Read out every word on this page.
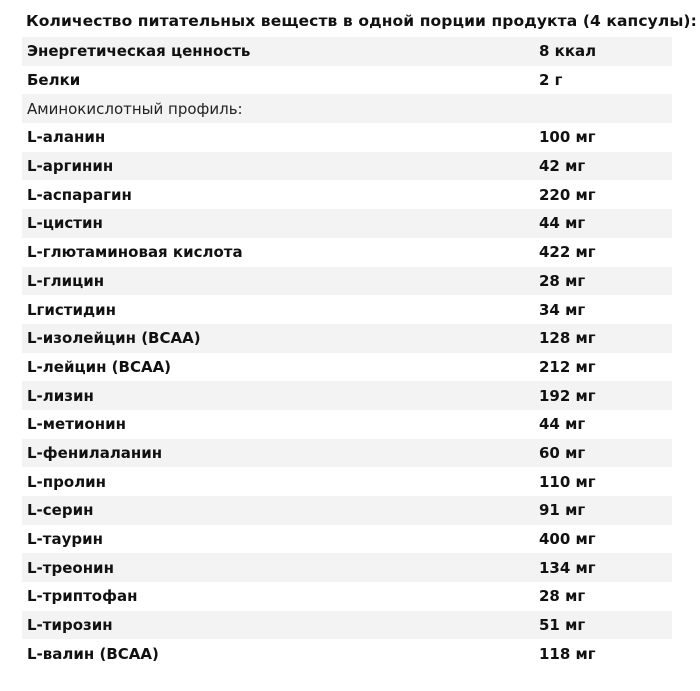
Количество питательных веществ в одной порции продукта (4 капсулы):
Энергетическая ценность	8 ккал
Белки	2 г
Аминокислотный профиль:
L-аланин	100 мг
L-аргинин	42 мг
L-аспарагин	220 мг
L-цистин	44 мг
L-глютаминовая кислота	422 мг
L-глицин	28 мг
Lгистидин	34 мг
L-изолейцин (BCAA)	128 мг
L-лейцин (BCAA)	212 мг
L-лизин	192 мг
L-метионин	44 мг
L-фенилаланин	60 мг
L-пролин	110 мг
L-серин	91 мг
L-таурин	400 мг
L-треонин	134 мг
L-триптофан	28 мг
L-тирозин	51 мг
L-валин (BCAA)	118 мг
